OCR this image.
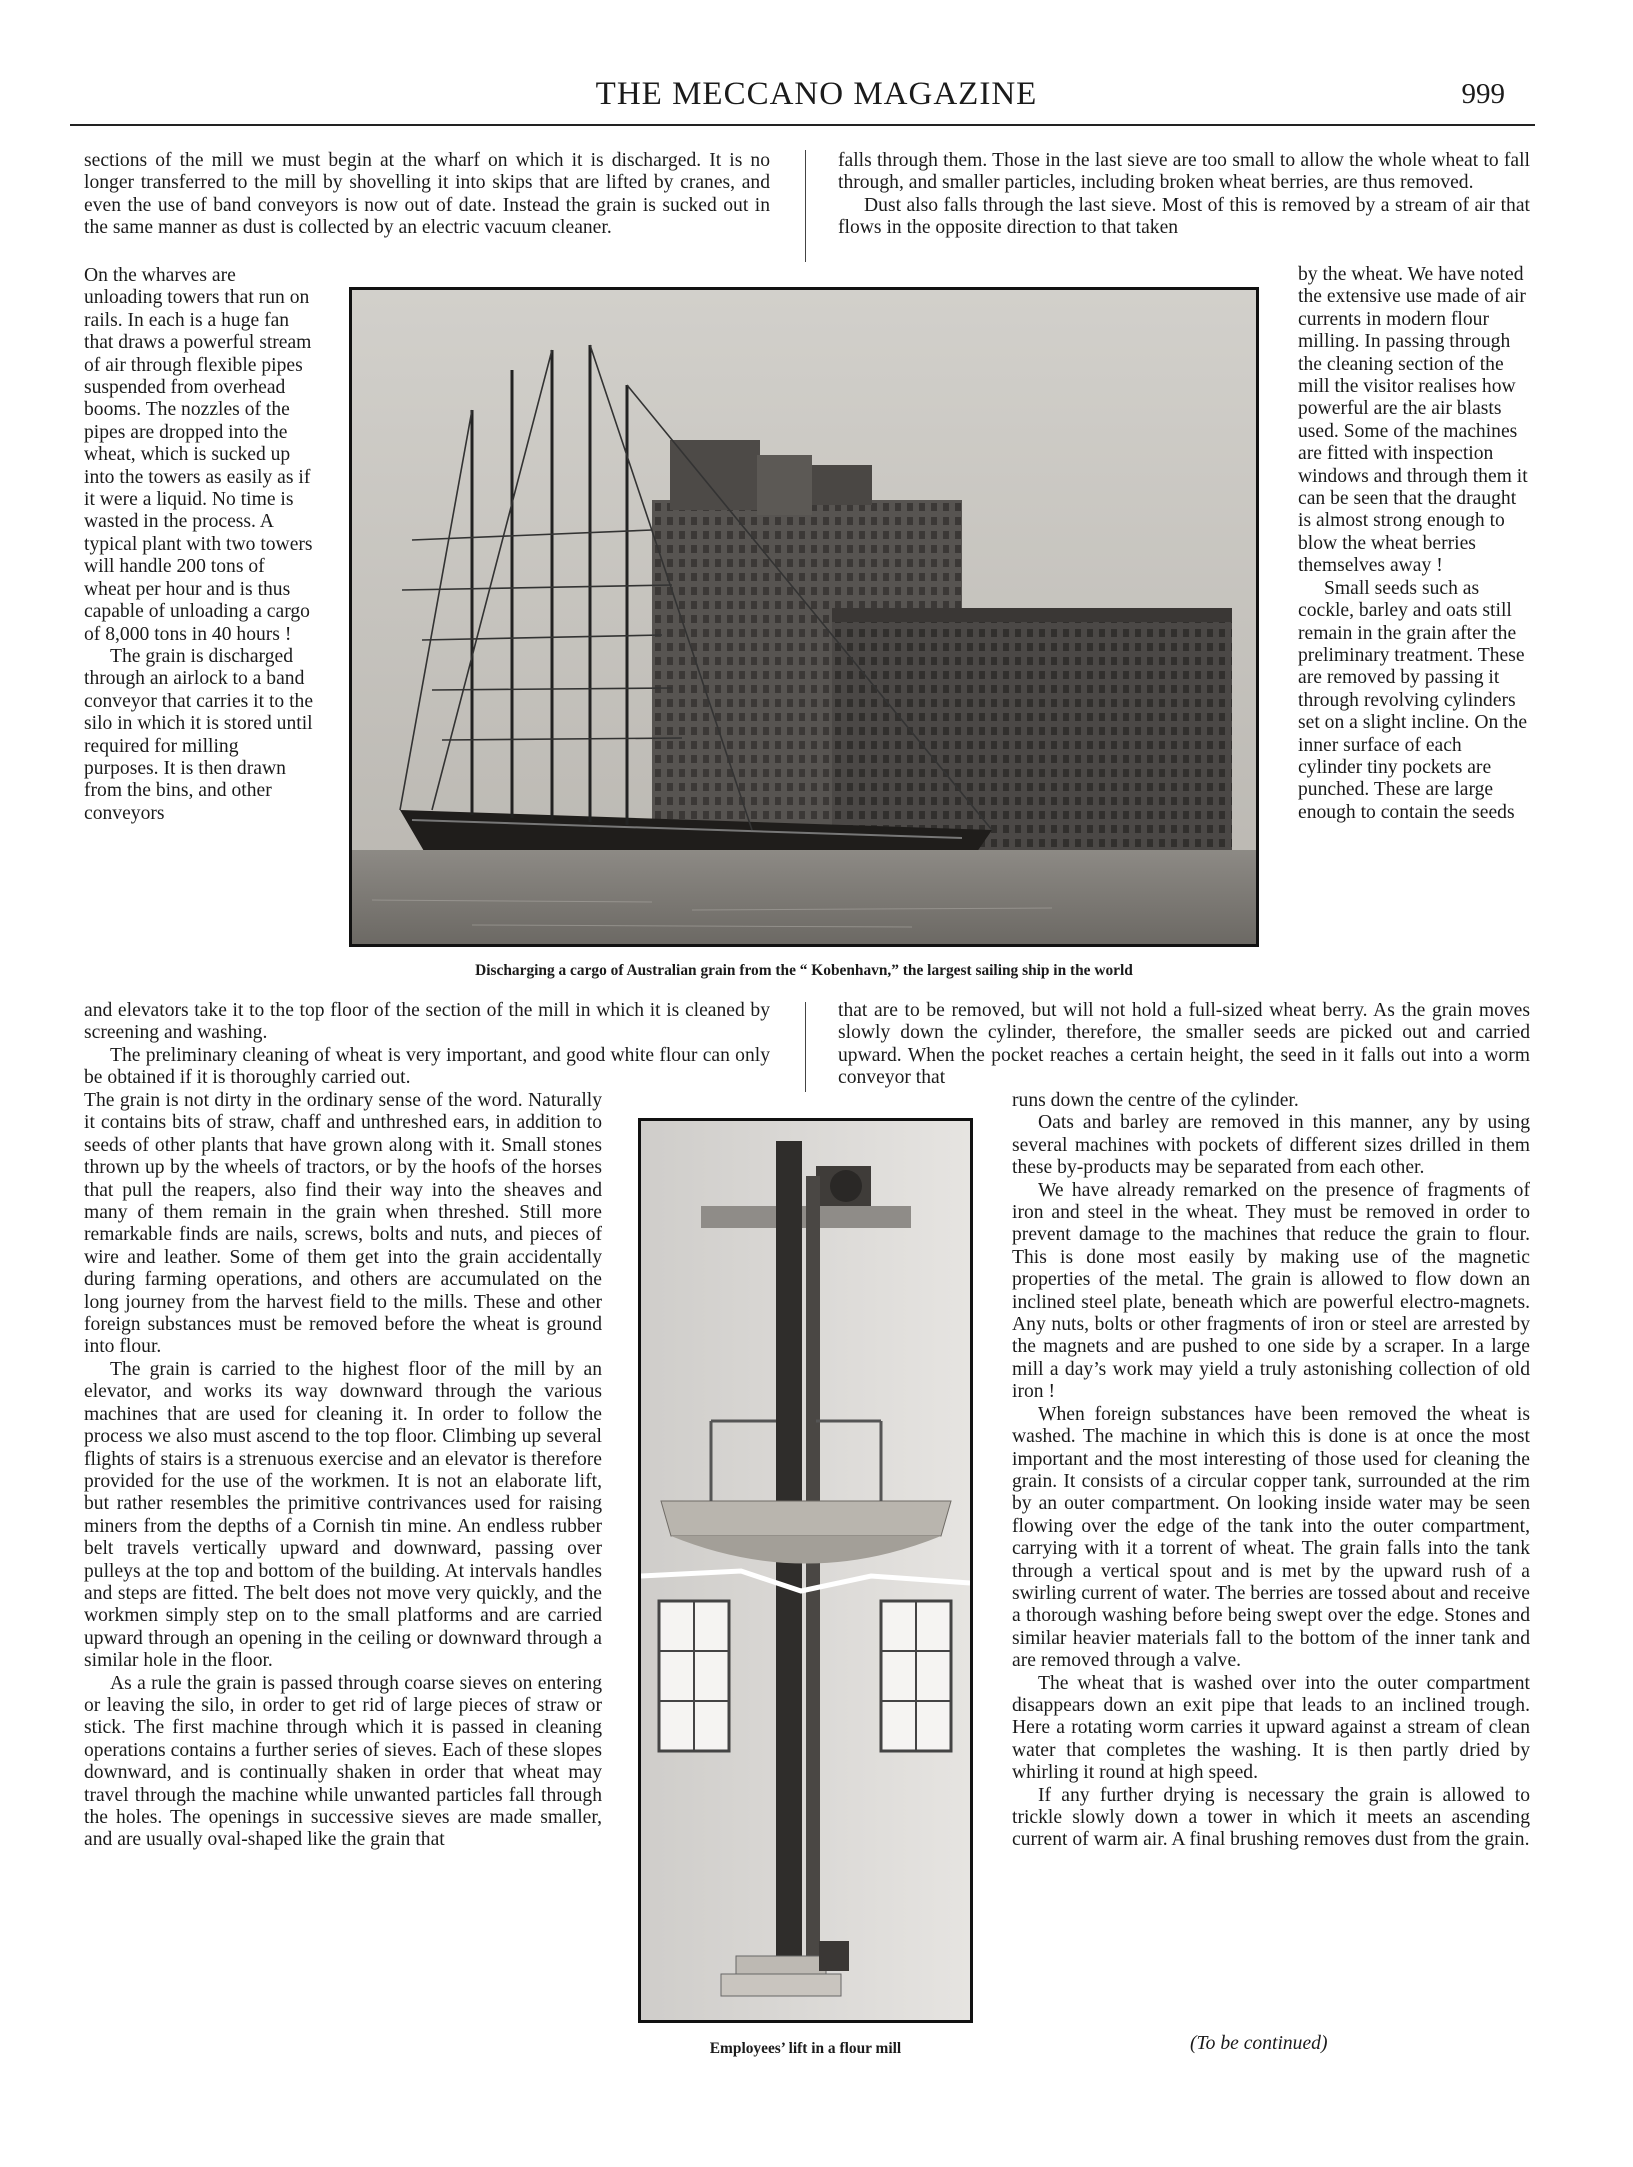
THE MECCANO MAGAZINE	999

sections of the mill we must begin at the wharf on which it is discharged. It is no longer transferred to the mill by shovelling it into skips that are lifted by cranes, and even the use of band conveyors is now out of date. Instead the grain is sucked out in the same manner as dust is collected by an electric vacuum cleaner.

On the wharves are unloading towers that run on rails. In each is a huge fan that draws a powerful stream of air through flexible pipes suspended from overhead booms. The nozzles of the pipes are dropped into the wheat, which is sucked up into the towers as easily as if it were a liquid. No time is wasted in the process. A typical plant with two towers will handle 200 tons of wheat per hour and is thus capable of unloading a cargo of 8,000 tons in 40 hours !

The grain is discharged through an airlock to a band conveyor that carries it to the silo in which it is stored until required for milling purposes. It is then drawn from the bins, and other conveyors

and elevators take it to the top floor of the section of the mill in which it is cleaned by screening and washing.

The preliminary cleaning of wheat is very important, and good white flour can only be obtained if it is thoroughly carried out.

The grain is not dirty in the ordinary sense of the word. Naturally it contains bits of straw, chaff and unthreshed ears, in addition to seeds of other plants that have grown along with it. Small stones thrown up by the wheels of tractors, or by the hoofs of the horses that pull the reapers, also find their way into the sheaves and many of them remain in the grain when threshed. Still more remarkable finds are nails, screws, bolts and nuts, and pieces of wire and leather. Some of them get into the grain accidentally during farming operations, and others are accumulated on the long journey from the harvest field to the mills. These and other foreign substances must be removed before the wheat is ground into flour.

The grain is carried to the highest floor of the mill by an elevator, and works its way downward through the various machines that are used for cleaning it. In order to follow the process we also must ascend to the top floor. Climbing up several flights of stairs is a strenuous exercise and an elevator is therefore provided for the use of the workmen. It is not an elaborate lift, but rather resembles the primitive contrivances used for raising miners from the depths of a Cornish tin mine. An endless rubber belt travels vertically upward and downward, passing over pulleys at the top and bottom of the building. At intervals handles and steps are fitted. The belt does not move very quickly, and the workmen simply step on to the small platforms and are carried upward through an opening in the ceiling or downward through a similar hole in the floor.

As a rule the grain is passed through coarse sieves on entering or leaving the silo, in order to get rid of large pieces of straw or stick. The first machine through which it is passed in cleaning operations contains a further series of sieves. Each of these slopes downward, and is continually shaken in order that wheat may travel through the machine while unwanted particles fall through the holes. The openings in successive sieves are made smaller, and are usually oval-shaped like the grain that

falls through them. Those in the last sieve are too small to allow the whole wheat to fall through, and smaller particles, including broken wheat berries, are thus removed.

Dust also falls through the last sieve. Most of this is removed by a stream of air that flows in the opposite direction to that taken

by the wheat. We have noted the extensive use made of air currents in modern flour milling. In passing through the cleaning section of the mill the visitor realises how powerful are the air blasts used. Some of the machines are fitted with inspection windows and through them it can be seen that the draught is almost strong enough to blow the wheat berries themselves away !

Small seeds such as cockle, barley and oats still remain in the grain after the preliminary treatment. These are removed by passing it through revolving cylinders set on a slight incline. On the inner surface of each cylinder tiny pockets are punched. These are large enough to contain the seeds

that are to be removed, but will not hold a full-sized wheat berry. As the grain moves slowly down the cylinder, therefore, the smaller seeds are picked out and carried upward. When the pocket reaches a certain height, the seed in it falls out into a worm conveyor that

runs down the centre of the cylinder.

Oats and barley are removed in this manner, any by using several machines with pockets of different sizes drilled in them these by-products may be separated from each other.

We have already remarked on the presence of fragments of iron and steel in the wheat. They must be removed in order to prevent damage to the machines that reduce the grain to flour. This is done most easily by making use of the magnetic properties of the metal. The grain is allowed to flow down an inclined steel plate, beneath which are powerful electro-magnets. Any nuts, bolts or other fragments of iron or steel are arrested by the magnets and are pushed to one side by a scraper. In a large mill a day’s work may yield a truly astonishing collection of old iron !

When foreign substances have been removed the wheat is washed. The machine in which this is done is at once the most important and the most interesting of those used for cleaning the grain. It consists of a circular copper tank, surrounded at the rim by an outer compartment. On looking inside water may be seen flowing over the edge of the tank into the outer compartment, carrying with it a torrent of wheat. The grain falls into the tank through a vertical spout and is met by the upward rush of a swirling current of water. The berries are tossed about and receive a thorough washing before being swept over the edge. Stones and similar heavier materials fall to the bottom of the inner tank and are removed through a valve.

The wheat that is washed over into the outer compartment disappears down an exit pipe that leads to an inclined trough. Here a rotating worm carries it upward against a stream of clean water that completes the washing. It is then partly dried by whirling it round at high speed.

If any further drying is necessary the grain is allowed to trickle slowly down a tower in which it meets an ascending current of warm air. A final brushing removes dust from the grain.

(To be continued)
Discharging a cargo of Australian grain from the “ Kobenhavn,” the largest sailing ship in the world
Employees’ lift in a flour mill
